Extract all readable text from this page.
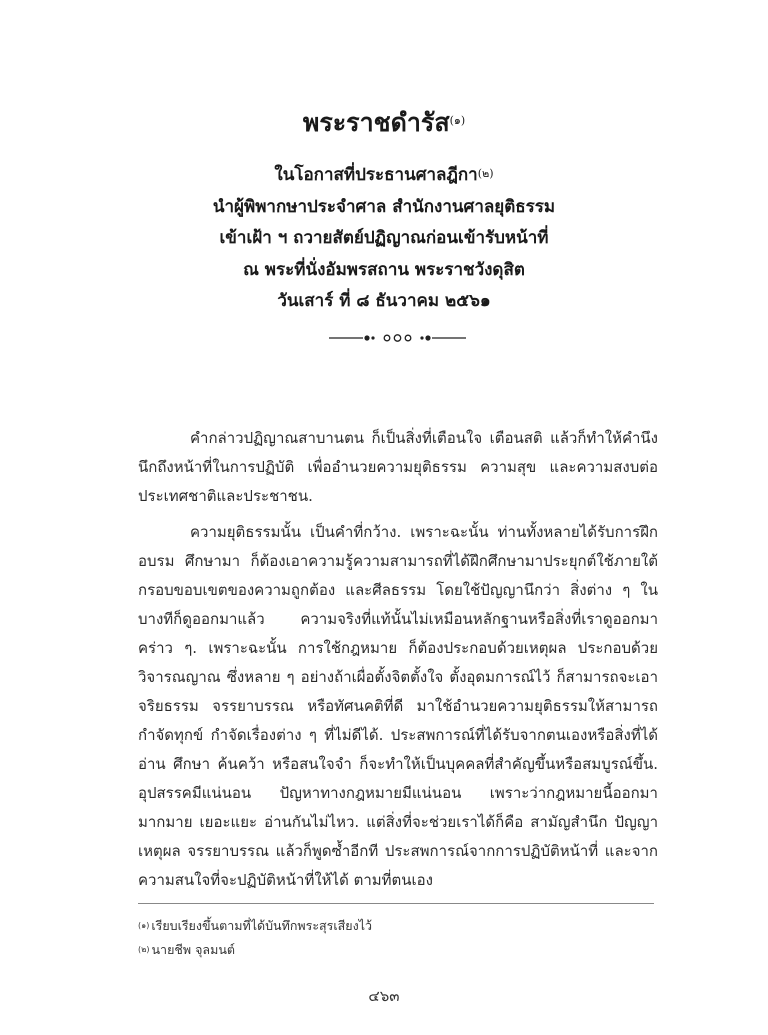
พระราชดำรัส$^{(๑)}$
ในโอกาสที่ประธานศาลฎีกา$^{(๒)}$
นำผู้พิพากษาประจำศาล สำนักงานศาลยุติธรรม
เข้าเฝ้า ฯ ถวายสัตย์ปฏิญาณก่อนเข้ารับหน้าที่
ณ พระที่นั่งอัมพรสถาน พระราชวังดุสิต
วันเสาร์ ที่ ๘ ธันวาคม ๒๕๖๑

คำกล่าวปฏิญาณสาบานตน ก็เป็นสิ่งที่เตือนใจ เตือนสติ แล้วก็ทำให้คำนึงนึกถึงหน้าที่ในการปฏิบัติ เพื่ออำนวยความยุติธรรม ความสุข และความสงบต่อประเทศชาติและประชาชน.

ความยุติธรรมนั้น เป็นคำที่กว้าง. เพราะฉะนั้น ท่านทั้งหลายได้รับการฝึกอบรม ศึกษามา ก็ต้องเอาความรู้ความสามารถที่ได้ฝึกศึกษามาประยุกต์ใช้ภายใต้กรอบขอบเขตของความถูกต้อง และศีลธรรม โดยใช้ปัญญานึกว่า สิ่งต่าง ๆ ในบางทีก็ดูออกมาแล้ว ความจริงที่แท้นั้นไม่เหมือนหลักฐานหรือสิ่งที่เราดูออกมาคร่าว ๆ. เพราะฉะนั้น การใช้กฎหมาย ก็ต้องประกอบด้วยเหตุผล ประกอบด้วยวิจารณญาณ ซึ่งหลาย ๆ อย่างถ้าเผื่อตั้งจิตตั้งใจ ตั้งอุดมการณ์ไว้ ก็สามารถจะเอาจริยธรรม จรรยาบรรณ หรือทัศนคติที่ดี มาใช้อำนวยความยุติธรรมให้สามารถกำจัดทุกข์ กำจัดเรื่องต่าง ๆ ที่ไม่ดีได้. ประสพการณ์ที่ได้รับจากตนเองหรือสิ่งที่ได้อ่าน ศึกษา ค้นคว้า หรือสนใจจำ ก็จะทำให้เป็นบุคคลที่สำคัญขึ้นหรือสมบูรณ์ขึ้น. อุปสรรคมีแน่นอน ปัญหาทางกฎหมายมีแน่นอน เพราะว่ากฎหมายนี้ออกมามากมาย เยอะแยะ อ่านกันไม่ไหว. แต่สิ่งที่จะช่วยเราได้ก็คือ สามัญสำนึก ปัญญา เหตุผล จรรยาบรรณ แล้วก็พูดซ้ำอีกที ประสพการณ์จากการปฏิบัติหน้าที่ และจากความสนใจที่จะปฏิบัติหน้าที่ให้ได้ ตามที่ตนเอง

$^{(๑)}$ เรียบเรียงขึ้นตามที่ได้บันทึกพระสุรเสียงไว้
$^{(๒)}$ นายชีพ จุลมนต์
๔๖๓
